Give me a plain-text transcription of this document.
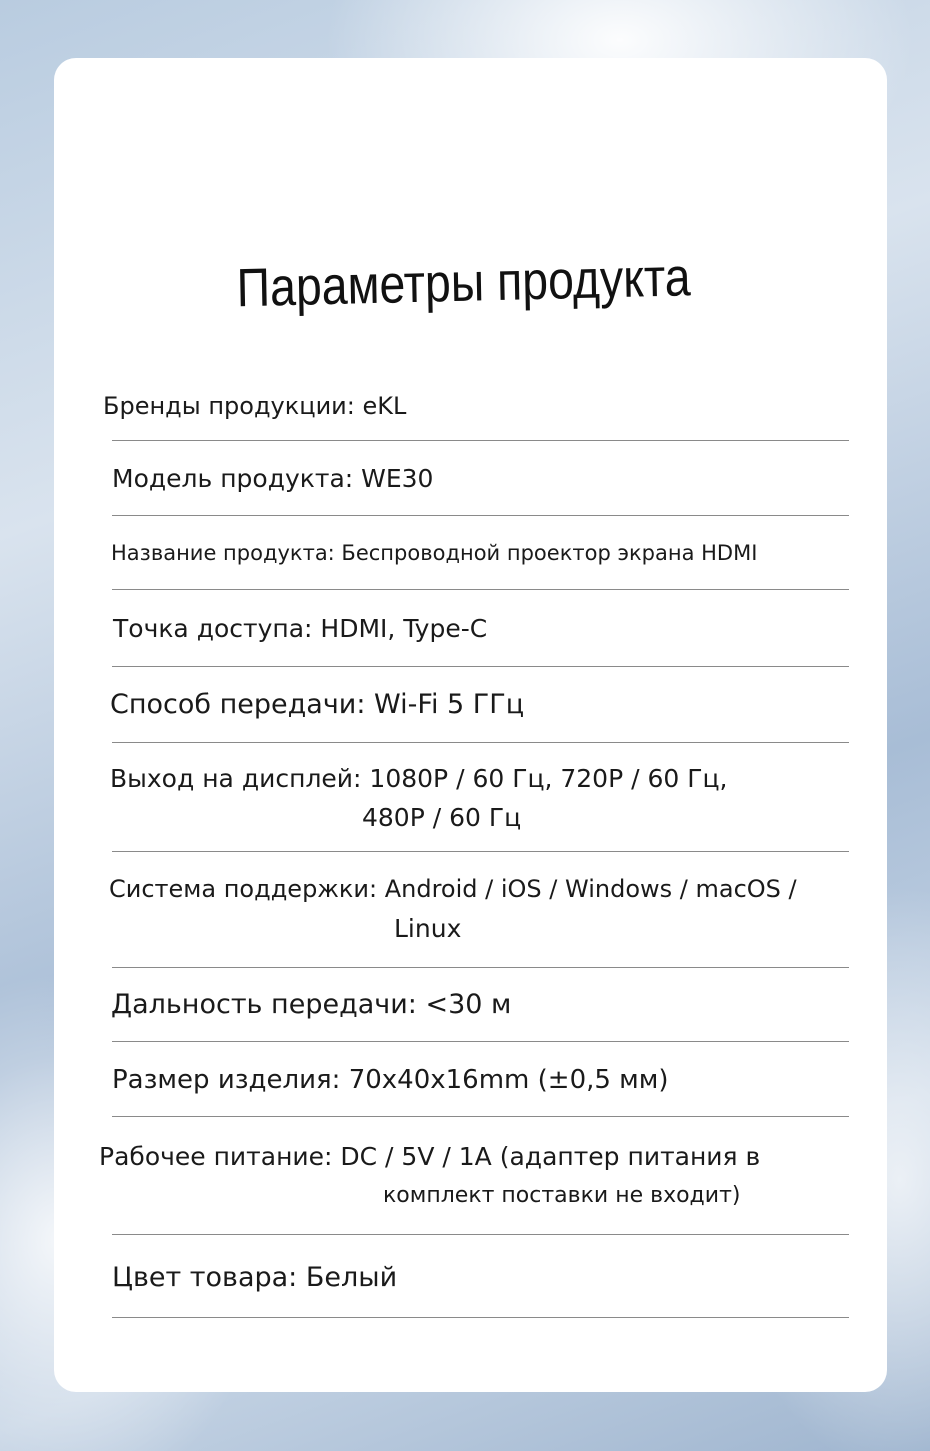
Параметры продукта
Бренды продукции: eKL
Модель продукта: WE30
Название продукта: Беспроводной проектор экрана HDMI
Точка доступа: HDMI, Type-C
Способ передачи: Wi-Fi 5 ГГц
Выход на дисплей: 1080P / 60 Гц, 720P / 60 Гц,
480P / 60 Гц
Система поддержки: Android / iOS / Windows / macOS /
Linux
Дальность передачи: <30 м
Размер изделия: 70x40x16mm (±0,5 мм)
Рабочее питание: DC / 5V / 1A (адаптер питания в
комплект поставки не входит)
Цвет товара: Белый
